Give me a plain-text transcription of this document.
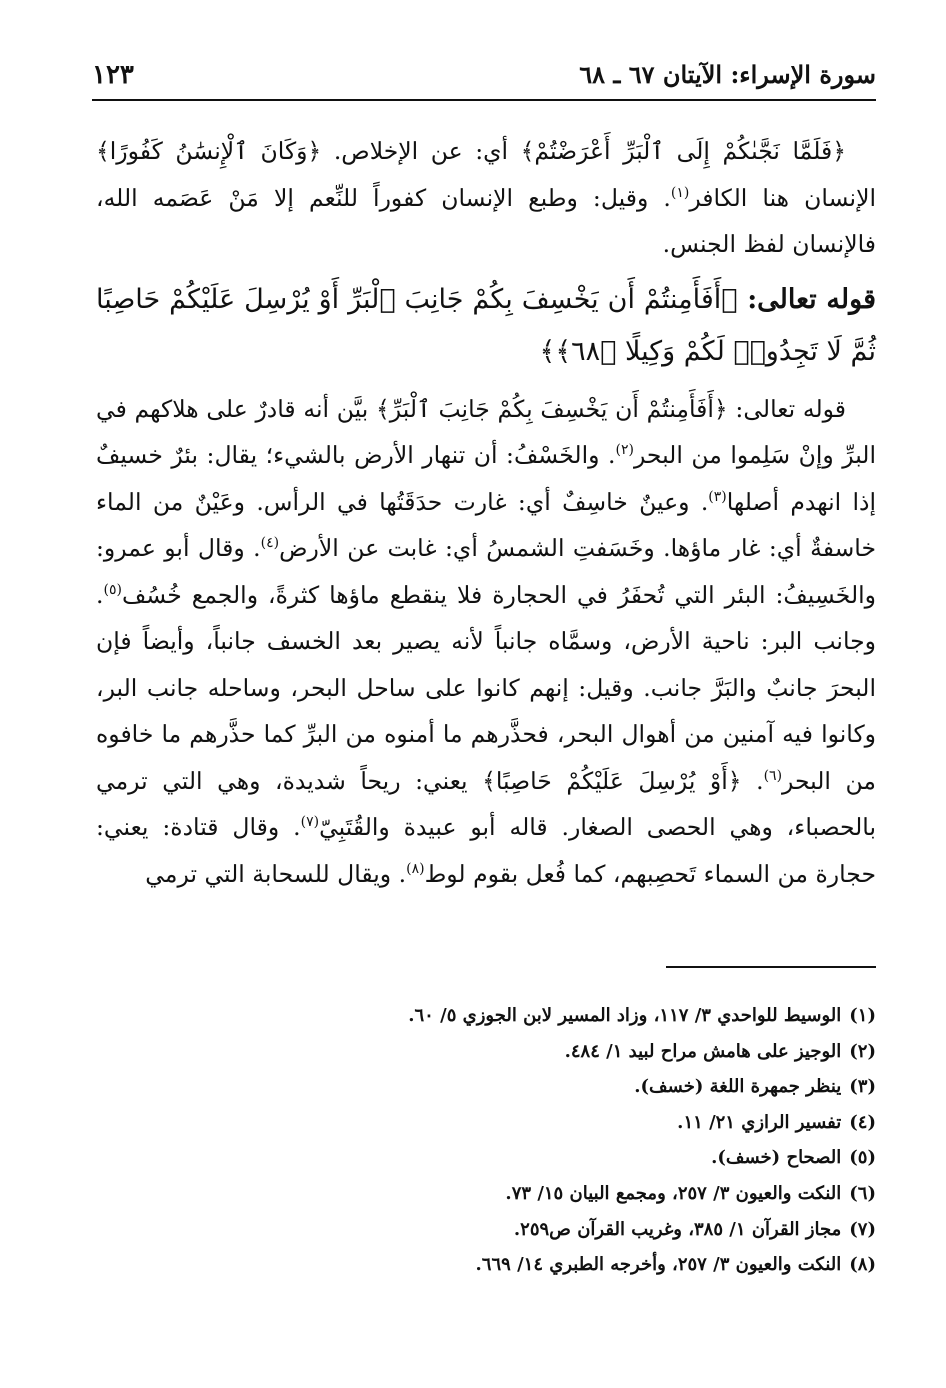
سورة الإسراء: الآيتان ٦٧ ـ ٦٨
١٢٣

﴿فَلَمَّا نَجَّىٰكُمْ إِلَى ٱلْبَرِّ أَعْرَضْتُمْ﴾ أي: عن الإخلاص. ﴿وَكَانَ ٱلْإِنسَٰنُ كَفُورًا﴾ الإنسان هنا الكافر$^{(١)}$. وقيل: وطبع الإنسان كفوراً للنِّعم إلا مَنْ عَصَمه الله، فالإنسان لفظ الجنس.

قوله تعالى: ﴿أَفَأَمِنتُمْ أَن يَخْسِفَ بِكُمْ جَانِبَ ٱلْبَرِّ أَوْ يُرْسِلَ عَلَيْكُمْ حَاصِبًا ثُمَّ لَا تَجِدُوا۟ لَكُمْ وَكِيلًا ﴿٦٨﴾﴾

قوله تعالى: ﴿أَفَأَمِنتُمْ أَن يَخْسِفَ بِكُمْ جَانِبَ ٱلْبَرِّ﴾ بيَّن أنه قادرٌ على هلاكهم في البرِّ وإنْ سَلِموا من البحر$^{(٢)}$. والخَسْفُ: أن تنهار الأرض بالشيء؛ يقال: بئرٌ خسيفٌ إذا انهدم أصلها$^{(٣)}$. وعينٌ خاسِفٌ أي: غارت حدَقَتُها في الرأس. وعَيْنٌ من الماء خاسفةٌ أي: غار ماؤها. وخَسَفتِ الشمسُ أي: غابت عن الأرض$^{(٤)}$. وقال أبو عمرو: والخَسِيفُ: البئر التي تُحفَرُ في الحجارة فلا ينقطع ماؤها كثرةً، والجمع خُسُف$^{(٥)}$. وجانب البر: ناحية الأرض، وسمَّاه جانباً لأنه يصير بعد الخسف جانباً، وأيضاً فإن البحرَ جانبٌ والبَرَّ جانب. وقيل: إنهم كانوا على ساحل البحر، وساحله جانب البر، وكانوا فيه آمنين من أهوال البحر، فحذَّرهم ما أمنوه من البرِّ كما حذَّرهم ما خافوه من البحر$^{(٦)}$. ﴿أَوْ يُرْسِلَ عَلَيْكُمْ حَاصِبًا﴾ يعني: ريحاً شديدة، وهي التي ترمي بالحصباء، وهي الحصى الصغار. قاله أبو عبيدة والقُتَبِيّ$^{(٧)}$. وقال قتادة: يعني: حجارة من السماء تَحصِبهم، كما فُعل بقوم لوط$^{(٨)}$. ويقال للسحابة التي ترمي

(١)الوسيط للواحدي ٣/ ١١٧، وزاد المسير لابن الجوزي ٥/ ٦٠.

(٢)الوجيز على هامش مراح لبيد ١/ ٤٨٤.

(٣)ينظر جمهرة اللغة (خسف).

(٤)تفسير الرازي ٢١/ ١١.

(٥)الصحاح (خسف).

(٦)النكت والعيون ٣/ ٢٥٧، ومجمع البيان ١٥/ ٧٣.

(٧)مجاز القرآن ١/ ٣٨٥، وغريب القرآن ص٢٥٩.

(٨)النكت والعيون ٣/ ٢٥٧، وأخرجه الطبري ١٤/ ٦٦٩.
